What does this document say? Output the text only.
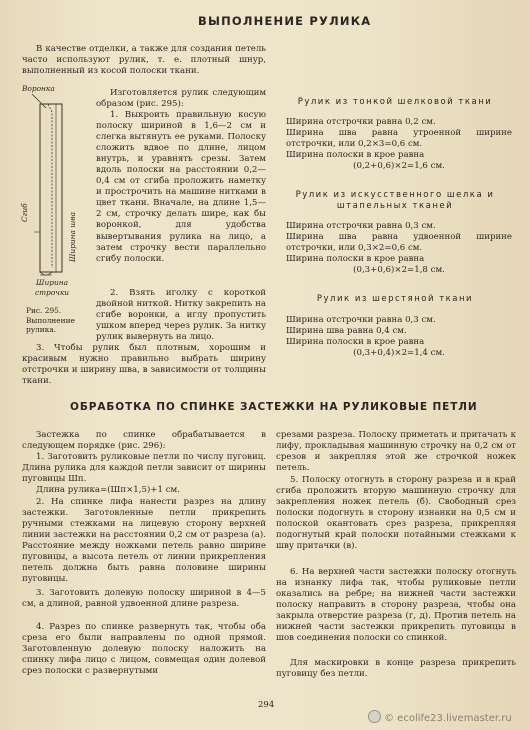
ВЫПОЛНЕНИЕ РУЛИКА
В качестве отделки, а также для создания петель часто используют рулик, т. е. плотный шнур, выполненный из косой полоски ткани.
Воронка
Сгиб	Ширина шва
Ширина строчки
Рис. 295. Выполнение рулика.
Изготовляется рулик следующим образом (рис. 295):
1. Выкроить правильную косую полоску шириной в 1,6—2 см и слегка вытянуть ее руками. Полоску сложить вдвое по длине, лицом внутрь, и уравнять срезы. Затем вдоль полоски на расстоянии 0,2—0,4 см от сгиба проложить наметку и прострочить на машине нитками в цвет ткани. Вначале, на длине 1,5—2 см, строчку делать шире, как бы воронкой, для удобства вывертывания рулика на лицо, а затем строчку вести параллельно сгибу полоски.
2. Взять иголку с короткой двойной ниткой. Нитку закрепить на сгибе воронки, а иглу пропустить ушком вперед через рулик. За нитку рулик вывернуть на лицо.
3. Чтобы рулик был плотным, хорошим и красивым нужно правильно выбрать ширину отстрочки и ширину шва, в зависимости от толщины ткани.
Рулик из тонкой шелковой ткани
Ширина отстрочки равна 0,2 см.
Ширина шва равна утроенной ширине отстрочки, или 0,2×3=0,6 см.
Ширина полоски в крое равна
(0,2+0,6)×2=1,6 см.
Рулик из искусственного шелка и штапельных тканей
Ширина отстрочки равна 0,3 см.
Ширина шва равна удвоенной ширине отстрочки, или 0,3×2=0,6 см.
Ширина полоски в крое равна
(0,3+0,6)×2=1,8 см.
Рулик из шерстяной ткани
Ширина отстрочки равна 0,3 см.
Ширина шва равна 0,4 см.
Ширина полоски в крое равна
(0,3+0,4)×2=1,4 см.
ОБРАБОТКА ПО СПИНКЕ ЗАСТЕЖКИ НА РУЛИКОВЫЕ ПЕТЛИ
Застежка по спинке обрабатывается в следующем порядке (рис. 296):
1. Заготовить руликовые петли по числу пуговиц. Длина рулика для каждой петли зависит от ширины пуговицы Шп.
Длина рулика=(Шп×1,5)+1 см.
2. На спинке лифа нанести разрез на длину застежки. Заготовленные петли прикрепить ручными стежками на лицевую сторону верхней линии застежки на расстоянии 0,2 см от разреза (а). Расстояние между ножками петель равно ширине пуговицы, а высота петель от линии прикрепления петель должна быть равна половине ширины пуговицы.
3. Заготовить долевую полоску шириной в 4—5 см, а длиной, равной удвоенной длине разреза.
4. Разрез по спинке развернуть так, чтобы оба среза его были направлены по одной прямой. Заготовленную долевую полоску наложить на спинку лифа лицо с лицом, совмещая один долевой срез полоски с развернутыми
срезами разреза. Полоску приметать и притачать к лифу, прокладывая машинную строчку на 0,2 см от срезов и закрепляя этой же строчкой ножек петель.
5. Полоску отогнуть в сторону разреза и в край сгиба проложить вторую машинную строчку для закрепления ножек петель (б). Свободный срез полоски подогнуть в сторону изнанки на 0,5 см и полоской окантовать срез разреза, прикрепляя подогнутый край полоски потайными стежками к шву притачки (в).
6. На верхней части застежки полоску отогнуть на изнанку лифа так, чтобы руликовые петли оказались на ребре; на нижней части застежки полоску направить в сторону разреза, чтобы она закрыла отверстие разреза (г, д). Против петель на нижней части застежки прикрепить пуговицы в шов соединения полоски со спинкой.
Для маскировки в конце разреза прикрепить пуговицу без петли.
294
© ecolife23.livemaster.ru
